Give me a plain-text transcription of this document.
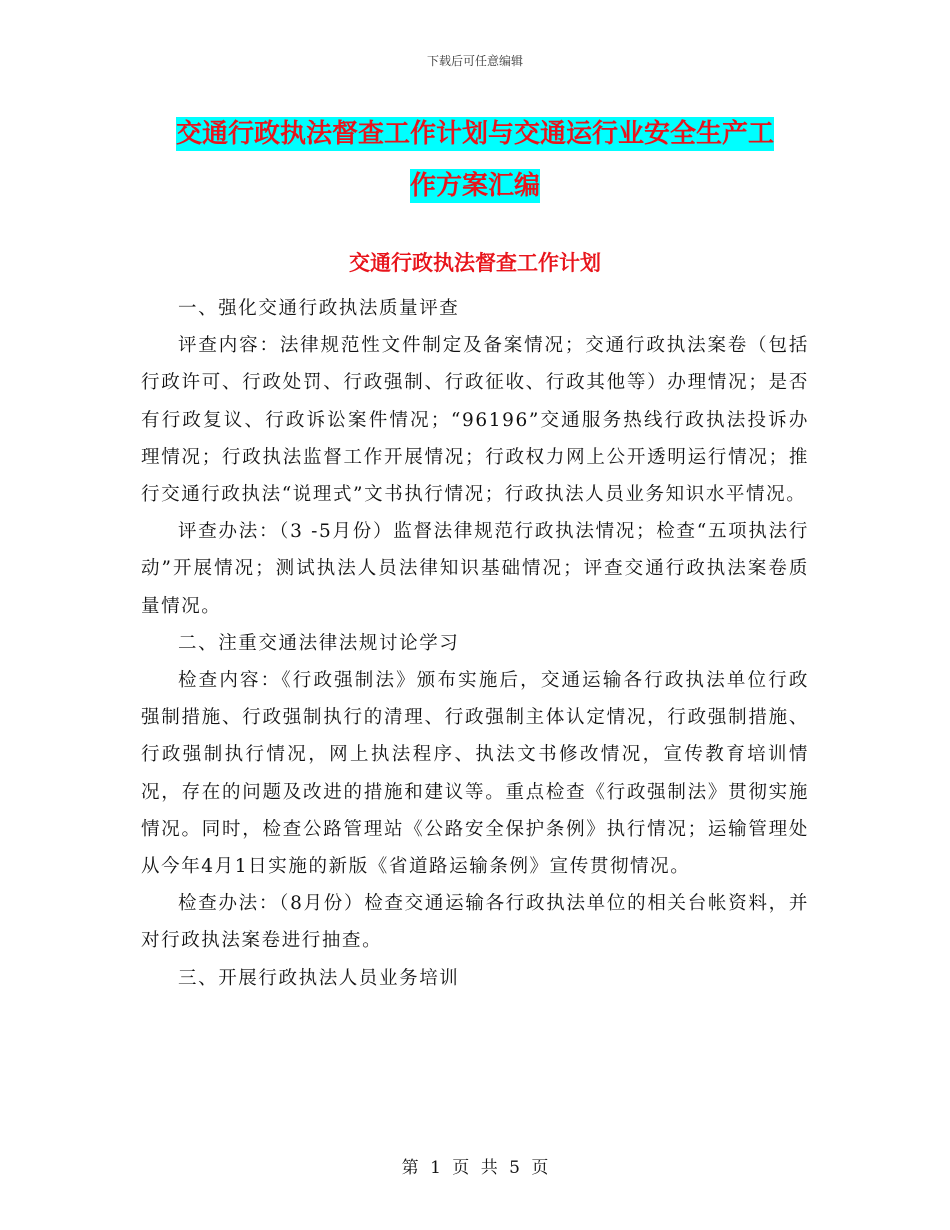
下载后可任意编辑
交通行政执法督查工作计划与交通运行业安全生产工
作方案汇编
交通行政执法督查工作计划

一、强化交通行政执法质量评查

评查内容：法律规范性文件制定及备案情况；交通行政执法案卷（包括行政许可、行政处罚、行政强制、行政征收、行政其他等）办理情况；是否有行政复议、行政诉讼案件情况；“96196”交通服务热线行政执法投诉办理情况；行政执法监督工作开展情况；行政权力网上公开透明运行情况；推行交通行政执法“说理式”文书执行情况；行政执法人员业务知识水平情况。

评查办法：（3 -5月份）监督法律规范行政执法情况；检查“五项执法行动”开展情况；测试执法人员法律知识基础情况；评查交通行政执法案卷质量情况。

二、注重交通法律法规讨论学习

检查内容：《行政强制法》颁布实施后，交通运输各行政执法单位行政强制措施、行政强制执行的清理、行政强制主体认定情况，行政强制措施、行政强制执行情况，网上执法程序、执法文书修改情况，宣传教育培训情况，存在的问题及改进的措施和建议等。重点检查《行政强制法》贯彻实施情况。同时，检查公路管理站《公路安全保护条例》执行情况；运输管理处从今年4月1日实施的新版《省道路运输条例》宣传贯彻情况。

检查办法：（8月份）检查交通运输各行政执法单位的相关台帐资料，并对行政执法案卷进行抽查。

三、开展行政执法人员业务培训

第 1 页 共 5 页
